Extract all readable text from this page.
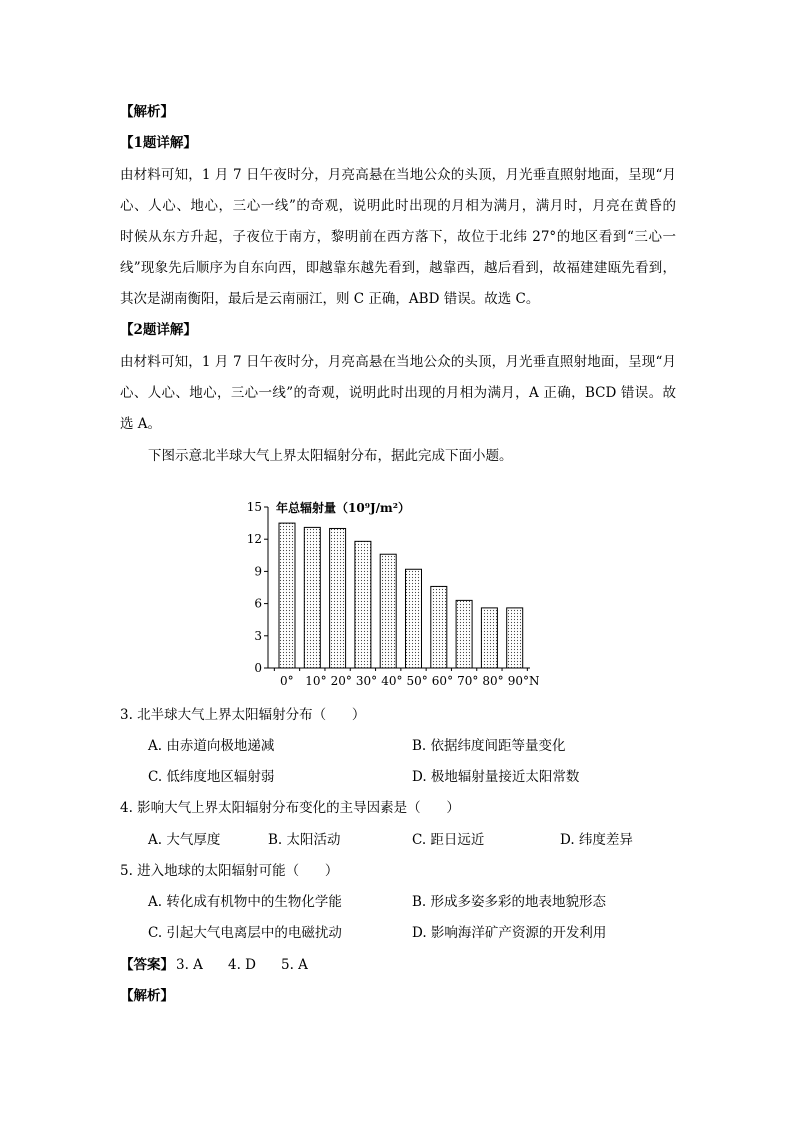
【解析】
【1题详解】
由材料可知，1 月 7 日午夜时分，月亮高悬在当地公众的头顶，月光垂直照射地面，呈现“月
心、人心、地心，三心一线”的奇观，说明此时出现的月相为满月，满月时，月亮在黄昏的
时候从东方升起，子夜位于南方，黎明前在西方落下，故位于北纬 27°的地区看到“三心一
线”现象先后顺序为自东向西，即越靠东越先看到，越靠西，越后看到，故福建建瓯先看到，
其次是湖南衡阳，最后是云南丽江，则 C 正确，ABD 错误。故选 C。
【2题详解】
由材料可知，1 月 7 日午夜时分，月亮高悬在当地公众的头顶，月光垂直照射地面，呈现“月
心、人心、地心，三心一线”的奇观，说明此时出现的月相为满月，A 正确，BCD 错误。故
选 A。
下图示意北半球大气上界太阳辐射分布，据此完成下面小题。
0° 10° 20° 30° 40° 50° 60° 70° 80° 90°N
0
3
6
9
12
15 年总辐射量（10⁹J/m²）
3. 北半球大气上界太阳辐射分布（      ）
A. 由赤道向极地递减	B. 依据纬度间距等量变化
C. 低纬度地区辐射弱	D. 极地辐射量接近太阳常数
4. 影响大气上界太阳辐射分布变化的主导因素是（      ）
A. 大气厚度	B. 太阳活动	C. 距日远近	D. 纬度差异
5. 进入地球的太阳辐射可能（      ）
A. 转化成有机物中的生物化学能	B. 形成多姿多彩的地表地貌形态
C. 引起大气电离层中的电磁扰动	D. 影响海洋矿产资源的开发利用
【答案】 3. A 4. D 5. A
【解析】
